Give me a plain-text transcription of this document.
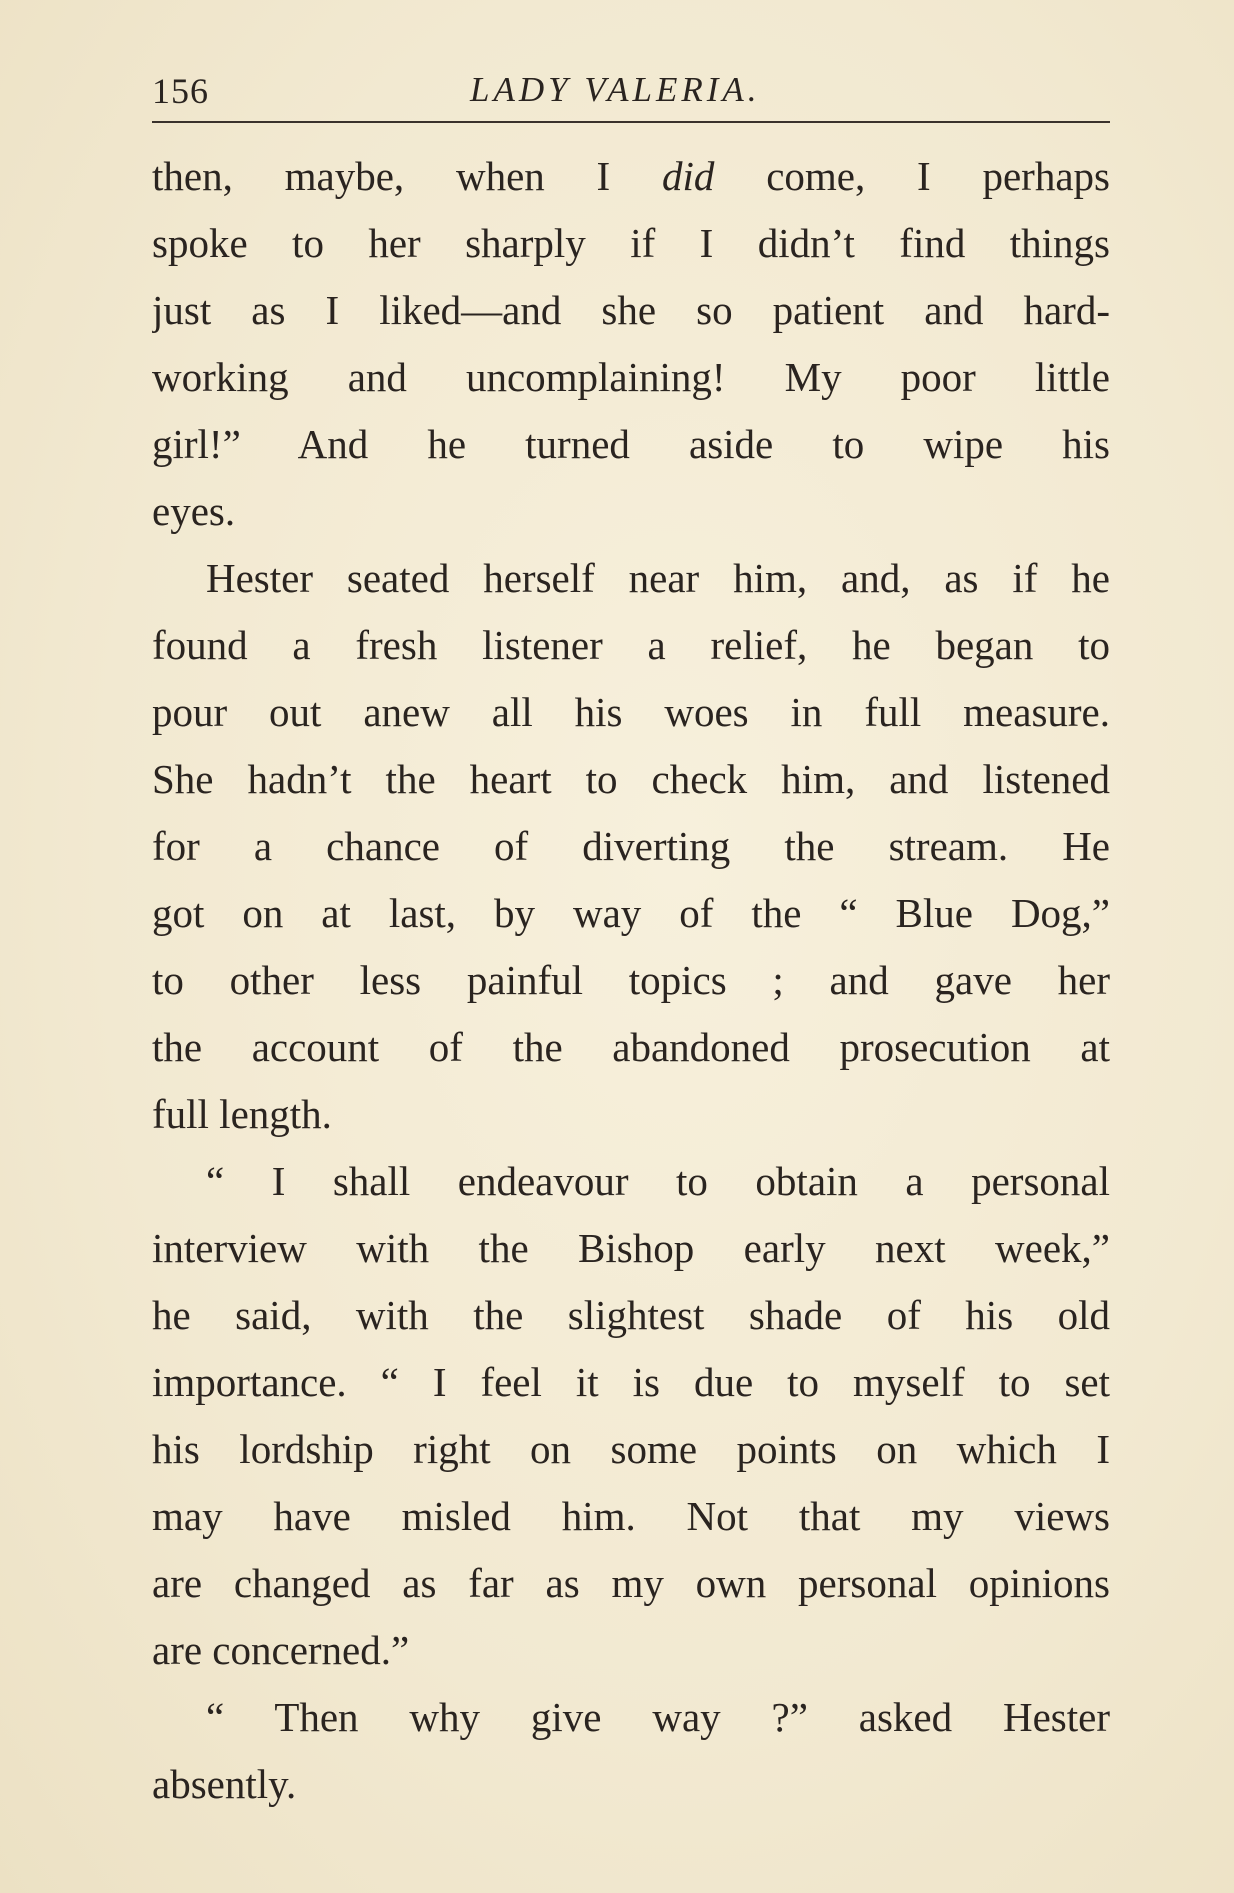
156	LADY VALERIA.
then, maybe, when I did come, I perhaps
spoke to her sharply if I didn’t find things
just as I liked—and she so patient and hard-
working and uncomplaining! My poor little
girl!” And he turned aside to wipe his
eyes.
Hester seated herself near him, and, as if he
found a fresh listener a relief, he began to
pour out anew all his woes in full measure.
She hadn’t the heart to check him, and listened
for a chance of diverting the stream. He
got on at last, by way of the “ Blue Dog,”
to other less painful topics ; and gave her
the account of the abandoned prosecution at
full length.
“ I shall endeavour to obtain a personal
interview with the Bishop early next week,”
he said, with the slightest shade of his old
importance. “ I feel it is due to myself to set
his lordship right on some points on which I
may have misled him. Not that my views
are changed as far as my own personal opinions
are concerned.”
“ Then why give way ?” asked Hester
absently.
